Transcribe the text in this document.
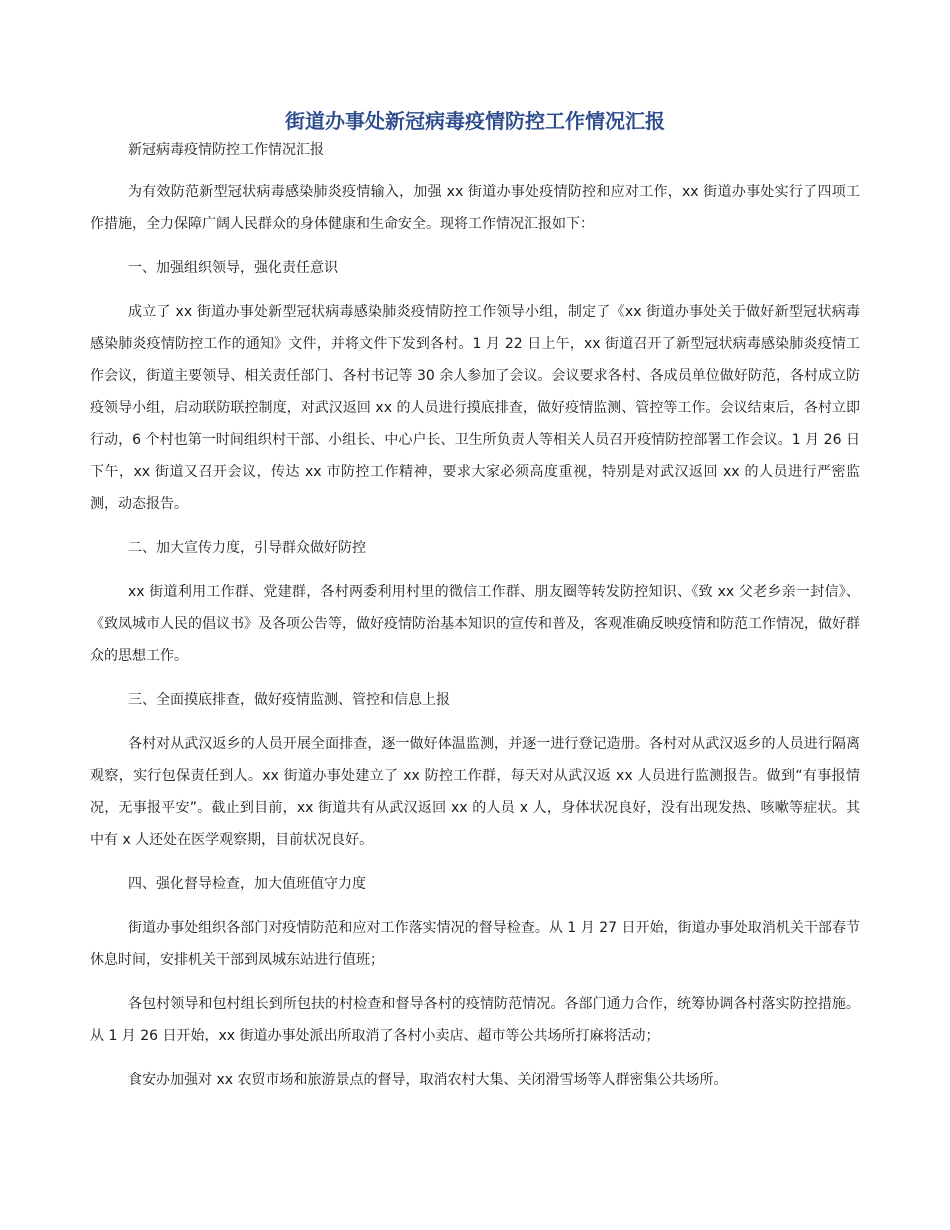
街道办事处新冠病毒疫情防控工作情况汇报

新冠病毒疫情防控工作情况汇报

为有效防范新型冠状病毒感染肺炎疫情输入，加强 xx 街道办事处疫情防控和应对工作，xx 街道办事处实行了四项工作措施，全力保障广阔人民群众的身体健康和生命安全。现将工作情况汇报如下：

一、加强组织领导，强化责任意识

成立了 xx 街道办事处新型冠状病毒感染肺炎疫情防控工作领导小组，制定了《xx 街道办事处关于做好新型冠状病毒感染肺炎疫情防控工作的通知》文件，并将文件下发到各村。1 月 22 日上午，xx 街道召开了新型冠状病毒感染肺炎疫情工作会议，街道主要领导、相关责任部门、各村书记等 30 余人参加了会议。会议要求各村、各成员单位做好防范，各村成立防疫领导小组，启动联防联控制度，对武汉返回 xx 的人员进行摸底排查，做好疫情监测、管控等工作。会议结束后，各村立即行动，6 个村也第一时间组织村干部、小组长、中心户长、卫生所负责人等相关人员召开疫情防控部署工作会议。1 月 26 日下午，xx 街道又召开会议，传达 xx 市防控工作精神，要求大家必须高度重视，特别是对武汉返回 xx 的人员进行严密监测，动态报告。

二、加大宣传力度，引导群众做好防控

xx 街道利用工作群、党建群，各村两委利用村里的微信工作群、朋友圈等转发防控知识、《致 xx 父老乡亲一封信》、《致凤城市人民的倡议书》及各项公告等，做好疫情防治基本知识的宣传和普及，客观准确反映疫情和防范工作情况，做好群众的思想工作。

三、全面摸底排查，做好疫情监测、管控和信息上报

各村对从武汉返乡的人员开展全面排查，逐一做好体温监测，并逐一进行登记造册。各村对从武汉返乡的人员进行隔离观察，实行包保责任到人。xx 街道办事处建立了 xx 防控工作群，每天对从武汉返 xx 人员进行监测报告。做到“有事报情况，无事报平安”。截止到目前，xx 街道共有从武汉返回 xx 的人员 x 人，身体状况良好，没有出现发热、咳嗽等症状。其中有 x 人还处在医学观察期，目前状况良好。

四、强化督导检查，加大值班值守力度

街道办事处组织各部门对疫情防范和应对工作落实情况的督导检查。从 1 月 27 日开始，街道办事处取消机关干部春节休息时间，安排机关干部到凤城东站进行值班；

各包村领导和包村组长到所包扶的村检查和督导各村的疫情防范情况。各部门通力合作，统筹协调各村落实防控措施。从 1 月 26 日开始，xx 街道办事处派出所取消了各村小卖店、超市等公共场所打麻将活动；

食安办加强对 xx 农贸市场和旅游景点的督导，取消农村大集、关闭滑雪场等人群密集公共场所。
